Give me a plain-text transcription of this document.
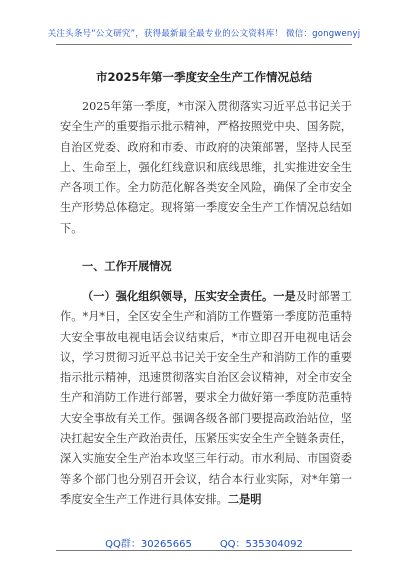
关注头条号“公文研究”，获得最新最全最专业的公文资料库！ 微信：gongwenyj
市2025年第一季度安全生产工作情况总结
2025年第一季度，*市深入贯彻落实习近平总书记关于安全生产的重要指示批示精神，严格按照党中央、国务院，自治区党委、政府和市委、市政府的决策部署，坚持人民至上、生命至上，强化红线意识和底线思维，扎实推进安全生产各项工作。全力防范化解各类安全风险，确保了全市安全生产形势总体稳定。现将第一季度安全生产工作情况总结如下。
一、工作开展情况
（一）强化组织领导，压实安全责任。一是及时部署工作。*月*日，全区安全生产和消防工作暨第一季度防范重特大安全事故电视电话会议结束后，*市立即召开电视电话会议，学习贯彻习近平总书记关于安全生产和消防工作的重要指示批示精神，迅速贯彻落实自治区会议精神，对全市安全生产和消防工作进行部署，要求全力做好第一季度防范重特大安全事故有关工作。强调各级各部门要提高政治站位，坚决扛起安全生产政治责任，压紧压实安全生产全链条责任，深入实施安全生产治本攻坚三年行动。市水利局、市国资委等多个部门也分别召开会议，结合本行业实际，对*年第一季度安全生产工作进行具体安排。二是明
QQ群：30265665	QQ：535304092
